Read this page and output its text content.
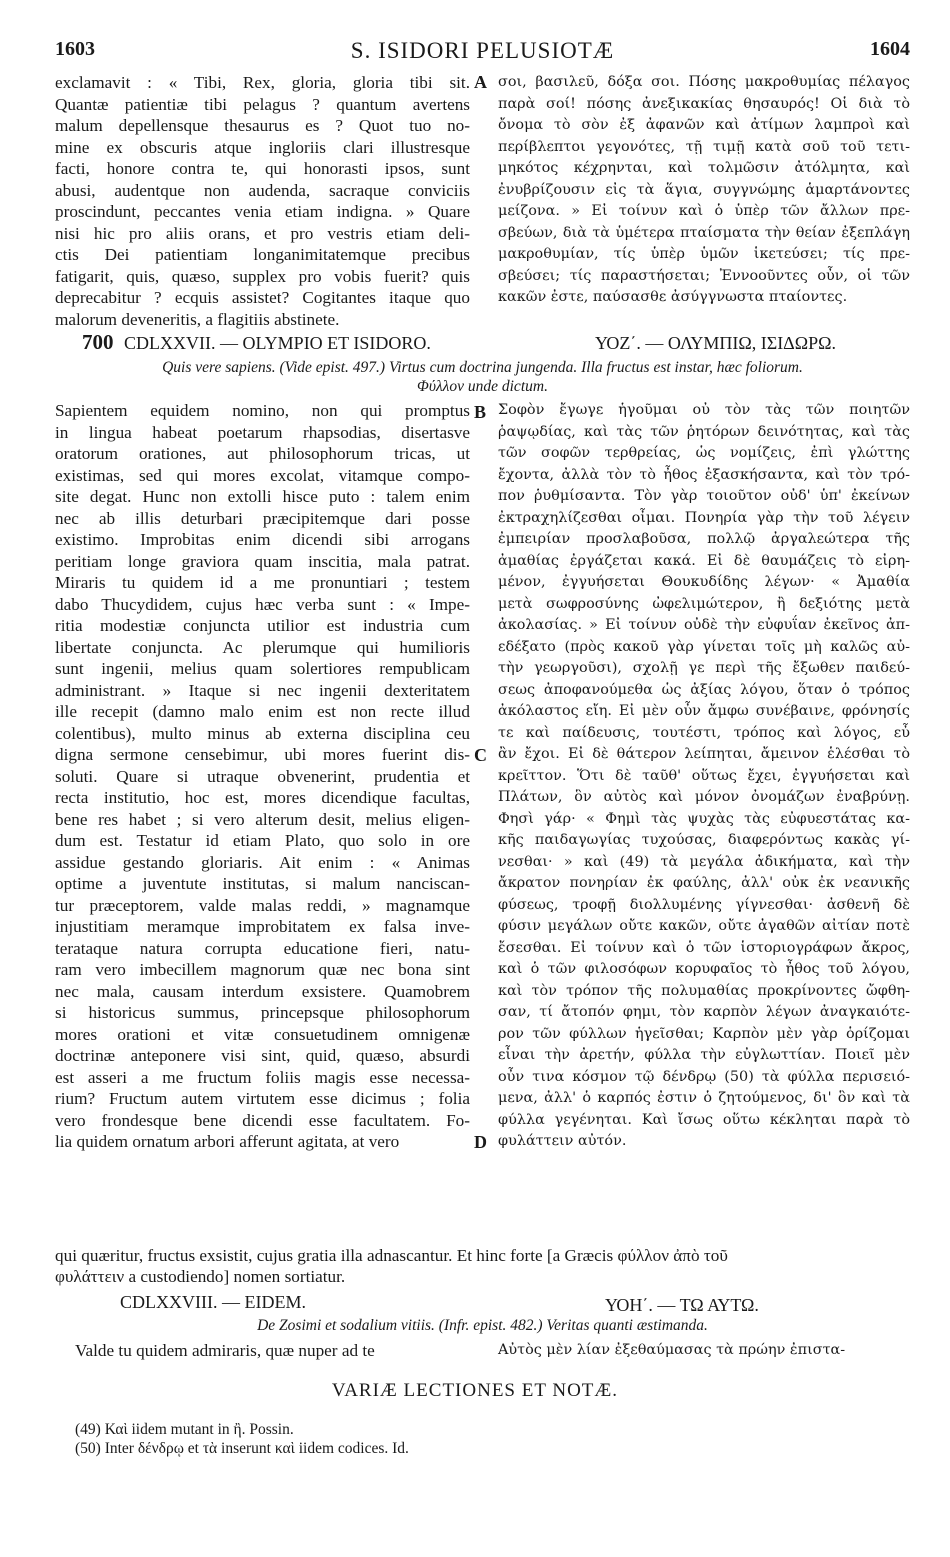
1603	S. ISIDORI PELUSIOTÆ	1604
exclamavit : « Tibi, Rex, gloria, gloria tibi sit.
Quantæ patientiæ tibi pelagus ? quantum avertens
malum depellensque thesaurus es ? Quot tuo no-
mine ex obscuris atque ingloriis clari illustresque
facti, honore contra te, qui honorasti ipsos, sunt
abusi, audentque non audenda, sacraque conviciis
proscindunt, peccantes venia etiam indigna. » Quare
nisi hic pro aliis orans, et pro vestris etiam deli-
ctis Dei patientiam longanimitatemque precibus
fatigarit, quis, quæso, supplex pro vobis fuerit? quis
deprecabitur ? ecquis assistet? Cogitantes itaque quo
malorum deveneritis, a flagitiis abstinete.
σοι, βασιλεῦ, δόξα σοι. Πόσης μακροθυμίας πέλαγος
παρὰ σοί! πόσης ἀνεξικακίας θησαυρός! Οἱ διὰ τὸ
ὄνομα τὸ σὸν ἐξ ἀφανῶν καὶ ἀτίμων λαμπροὶ καὶ
περίβλεπτοι γεγονότες, τῇ τιμῇ κατὰ σοῦ τοῦ τετι-
μηκότος κέχρηνται, καὶ τολμῶσιν ἀτόλμητα, καὶ
ἐνυβρίζουσιν εἰς τὰ ἅγια, συγγνώμης ἁμαρτάνοντες
μείζονα. » Εἰ τοίνυν καὶ ὁ ὑπὲρ τῶν ἄλλων πρε-
σβεύων, διὰ τὰ ὑμέτερα πταίσματα τὴν θείαν ἐξεπλάγη
μακροθυμίαν, τίς ὑπὲρ ὑμῶν ἱκετεύσει; τίς πρε-
σβεύσει; τίς παραστήσεται; Ἐννοοῦντες οὖν, οἱ τῶν
κακῶν ἐστε, παύσασθε ἀσύγγνωστα πταίοντες.
A
700 CDLXXVII. — OLYMPIO ET ISIDORO.	ΥΟΖ΄. — ΟΛΥΜΠΙΩ, ΙΣΙΔΩΡΩ.
Quis vere sapiens. (Vide epist. 497.) Virtus cum doctrina jungenda. Illa fructus est instar, hæc foliorum.
Φύλλον unde dictum.
Sapientem equidem nomino, non qui promptus
in lingua habeat poetarum rhapsodias, disertasve
oratorum orationes, aut philosophorum tricas, ut
existimas, sed qui mores excolat, vitamque compo-
site degat. Hunc non extolli hisce puto : talem enim
nec ab illis deturbari præcipitemque dari posse
existimo. Improbitas enim dicendi sibi arrogans
peritiam longe graviora quam inscitia, mala patrat.
Miraris tu quidem id a me pronuntiari ; testem
dabo Thucydidem, cujus hæc verba sunt : « Impe-
ritia modestiæ conjuncta utilior est industria cum
libertate conjuncta. Ac plerumque qui humilioris
sunt ingenii, melius quam solertiores rempublicam
administrant. » Itaque si nec ingenii dexteritatem
ille recepit (damno malo enim est non recte illud
colentibus), multo minus ab externa disciplina ceu
digna sermone censebimur, ubi mores fuerint dis-
soluti. Quare si utraque obvenerint, prudentia et
recta institutio, hoc est, mores dicendique facultas,
bene res habet ; si vero alterum desit, melius eligen-
dum est. Testatur id etiam Plato, quo solo in ore
assidue gestando gloriaris. Ait enim : « Animas
optime a juventute institutas, si malum nanciscan-
tur præceptorem, valde malas reddi, » magnamque
injustitiam meramque improbitatem ex falsa inve-
terataque natura corrupta educatione fieri, natu-
ram vero imbecillem magnorum quæ nec bona sint
nec mala, causam interdum exsistere. Quamobrem
si historicus summus, princepsque philosophorum
mores orationi et vitæ consuetudinem omnigenæ
doctrinæ anteponere visi sint, quid, quæso, absurdi
est asseri a me fructum foliis magis esse necessa-
rium? Fructum autem virtutem esse dicimus ; folia
vero frondesque bene dicendi esse facultatem. Fo-
lia quidem ornatum arbori afferunt agitata, at vero
Σοφὸν ἔγωγε ἡγοῦμαι οὐ τὸν τὰς τῶν ποιητῶν
ῥαψῳδίας, καὶ τὰς τῶν ῥητόρων δεινότητας, καὶ τὰς
τῶν σοφῶν τερθρείας, ὡς νομίζεις, ἐπὶ γλώττης
ἔχοντα, ἀλλὰ τὸν τὸ ἦθος ἐξασκήσαντα, καὶ τὸν τρό-
πον ῥυθμίσαντα. Τὸν γὰρ τοιοῦτον οὐδ' ὑπ' ἐκείνων
ἐκτραχηλίζεσθαι οἶμαι. Πονηρία γὰρ τὴν τοῦ λέγειν
ἐμπειρίαν προσλαβοῦσα, πολλῷ ἀργαλεώτερα τῆς
ἀμαθίας ἐργάζεται κακά. Εἰ δὲ θαυμάζεις τὸ εἰρη-
μένον, ἐγγυήσεται Θουκυδίδης λέγων· « Ἀμαθία
μετὰ σωφροσύνης ὠφελιμώτερον, ἢ δεξιότης μετὰ
ἀκολασίας. » Εἰ τοίνυν οὐδὲ τὴν εὐφυΐαν ἐκεῖνος ἀπ-
εδέξατο (πρὸς κακοῦ γὰρ γίνεται τοῖς μὴ καλῶς αὐ-
τὴν γεωργοῦσι), σχολῇ γε περὶ τῆς ἔξωθεν παιδεύ-
σεως ἀποφανούμεθα ὡς ἀξίας λόγου, ὅταν ὁ τρόπος
ἀκόλαστος εἴη. Εἰ μὲν οὖν ἄμφω συνέβαινε, φρόνησίς
τε καὶ παίδευσις, τουτέστι, τρόπος καὶ λόγος, εὖ
ἂν ἔχοι. Εἰ δὲ θάτερον λείπηται, ἄμεινον ἑλέσθαι τὸ
κρεῖττον. Ὅτι δὲ ταῦθ' οὕτως ἔχει, ἐγγυήσεται καὶ
Πλάτων, ὃν αὐτὸς καὶ μόνον ὀνομάζων ἐναβρύνῃ.
Φησὶ γάρ· « Φημὶ τὰς ψυχὰς τὰς εὐφυεστάτας κα-
κῆς παιδαγωγίας τυχούσας, διαφερόντως κακὰς γί-
νεσθαι· » καὶ (49) τὰ μεγάλα ἀδικήματα, καὶ τὴν
ἄκρατον πονηρίαν ἐκ φαύλης, ἀλλ' οὐκ ἐκ νεανικῆς
φύσεως, τροφῇ διολλυμένης γίγνεσθαι· ἀσθενῆ δὲ
φύσιν μεγάλων οὔτε κακῶν, οὔτε ἀγαθῶν αἰτίαν ποτὲ
ἔσεσθαι. Εἰ τοίνυν καὶ ὁ τῶν ἱστοριογράφων ἄκρος,
καὶ ὁ τῶν φιλοσόφων κορυφαῖος τὸ ἦθος τοῦ λόγου,
καὶ τὸν τρόπον τῆς πολυμαθίας προκρίνοντες ὤφθη-
σαν, τί ἄτοπόν φημι, τὸν καρπὸν λέγων ἀναγκαιότε-
ρον τῶν φύλλων ἡγεῖσθαι; Καρπὸν μὲν γὰρ ὁρίζομαι
εἶναι τὴν ἀρετήν, φύλλα τὴν εὐγλωττίαν. Ποιεῖ μὲν
οὖν τινα κόσμον τῷ δένδρῳ (50) τὰ φύλλα περισειό-
μενα, ἀλλ' ὁ καρπός ἐστιν ὁ ζητούμενος, δι' ὃν καὶ τὰ
φύλλα γεγένηται. Καὶ ἴσως οὕτω κέκληται παρὰ τὸ
φυλάττειν αὐτόν.
B
C
D
qui quæritur, fructus exsistit, cujus gratia illa adnascantur. Et hinc forte [a Græcis φύλλον ἀπὸ τοῦ
φυλάττειν a custodiendo] nomen sortiatur.
CDLXXVIII. — EIDEM.	ΥΟΗ΄. — ΤΩ ΑΥΤΩ.
De Zosimi et sodalium vitiis. (Infr. epist. 482.) Veritas quanti æstimanda.
Valde tu quidem admiraris, quæ nuper ad te	Αὐτὸς μὲν λίαν ἐξεθαύμασας τὰ πρώην ἐπιστα-
VARIÆ LECTIONES ET NOTÆ.
(49) Καὶ iidem mutant in ἢ. Possin.
(50) Inter δένδρῳ et τὰ inserunt καὶ iidem codices. Id.
